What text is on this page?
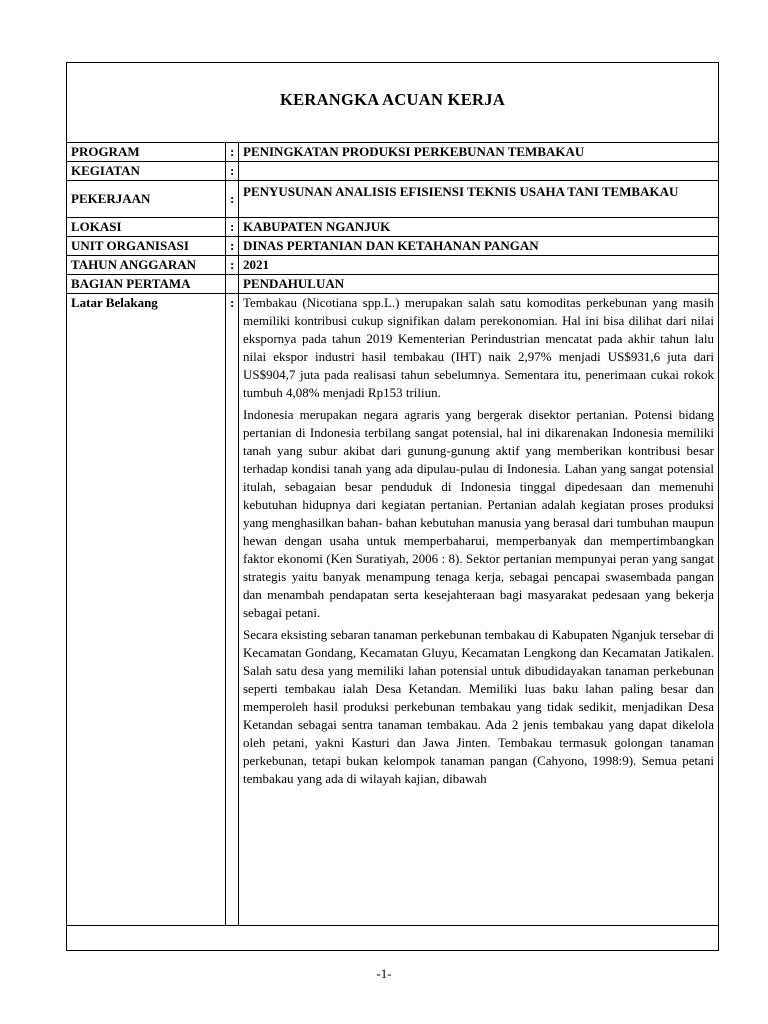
KERANGKA ACUAN KERJA
PROGRAM	:	PENINGKATAN PRODUKSI PERKEBUNAN TEMBAKAU
KEGIATAN	:	
PEKERJAAN	:	PENYUSUNAN ANALISIS EFISIENSI TEKNIS USAHA TANI TEMBAKAU
LOKASI	:	KABUPATEN NGANJUK
UNIT ORGANISASI	:	DINAS PERTANIAN DAN KETAHANAN PANGAN
TAHUN ANGGARAN	:	2021
BAGIAN PERTAMA		PENDAHULUAN
Latar Belakang	:	Tembakau (Nicotiana spp.L.) merupakan salah satu komoditas perkebunan yang masih memiliki kontribusi cukup signifikan dalam perekonomian. Hal ini bisa dilihat dari nilai ekspornya pada tahun 2019 Kementerian Perindustrian mencatat pada akhir tahun lalu nilai ekspor industri hasil tembakau (IHT) naik 2,97% menjadi US$931,6 juta dari US$904,7 juta pada realisasi tahun sebelumnya. Sementara itu, penerimaan cukai rokok tumbuh 4,08% menjadi Rp153 triliun.

Indonesia merupakan negara agraris yang bergerak disektor pertanian. Potensi bidang pertanian di Indonesia terbilang sangat potensial, hal ini dikarenakan Indonesia memiliki tanah yang subur akibat dari gunung-gunung aktif yang memberikan kontribusi besar terhadap kondisi tanah yang ada dipulau-pulau di Indonesia. Lahan yang sangat potensial itulah, sebagaian besar penduduk di Indonesia tinggal dipedesaan dan memenuhi kebutuhan hidupnya dari kegiatan pertanian. Pertanian adalah kegiatan proses produksi yang menghasilkan bahan- bahan kebutuhan manusia yang berasal dari tumbuhan maupun hewan dengan usaha untuk memperbaharui, memperbanyak dan mempertimbangkan faktor ekonomi (Ken Suratiyah, 2006 : 8). Sektor pertanian mempunyai peran yang sangat strategis yaitu banyak menampung tenaga kerja, sebagai pencapai swasembada pangan dan menambah pendapatan serta kesejahteraan bagi masyarakat pedesaan yang bekerja sebagai petani.

Secara eksisting sebaran tanaman perkebunan tembakau di Kabupaten Nganjuk tersebar di Kecamatan Gondang, Kecamatan Gluyu, Kecamatan Lengkong dan Kecamatan Jatikalen. Salah satu desa yang memiliki lahan potensial untuk dibudidayakan tanaman perkebunan seperti tembakau ialah Desa Ketandan. Memiliki luas baku lahan paling besar dan memperoleh hasil produksi perkebunan tembakau yang tidak sedikit, menjadikan Desa Ketandan sebagai sentra tanaman tembakau. Ada 2 jenis tembakau yang dapat dikelola oleh petani, yakni Kasturi dan Jawa Jinten. Tembakau termasuk golongan tanaman perkebunan, tetapi bukan kelompok tanaman pangan (Cahyono, 1998:9). Semua petani tembakau yang ada di wilayah kajian, dibawah

-1-
